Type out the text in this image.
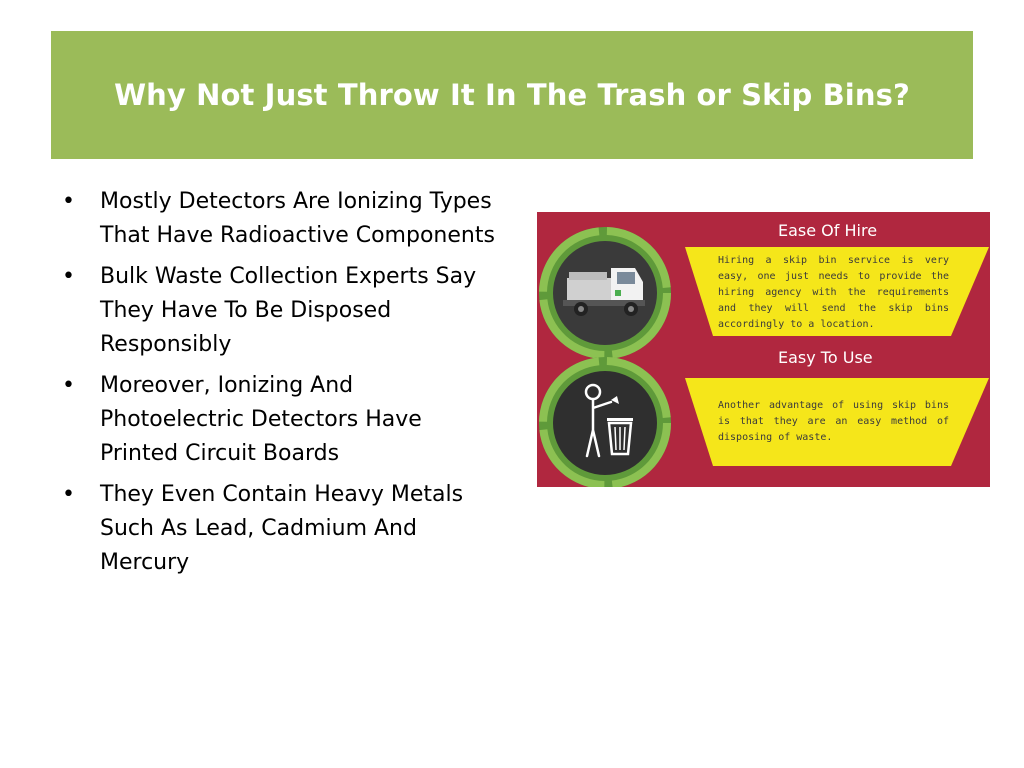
Why Not Just Throw It In The Trash or Skip Bins?
• Mostly Detectors Are Ionizing Types That Have Radioactive Components
• Bulk Waste Collection Experts Say They Have To Be Disposed Responsibly
• Moreover, Ionizing And Photoelectric Detectors Have Printed Circuit Boards
• They Even Contain Heavy Metals Such As Lead, Cadmium And Mercury
Ease Of Hire
Hiring a skip bin service is very easy, one just needs to provide the hiring agency with the requirements and they will send the skip bins accordingly to a location.
Easy To Use
Another advantage of using skip bins is that they are an easy method of disposing of waste.
